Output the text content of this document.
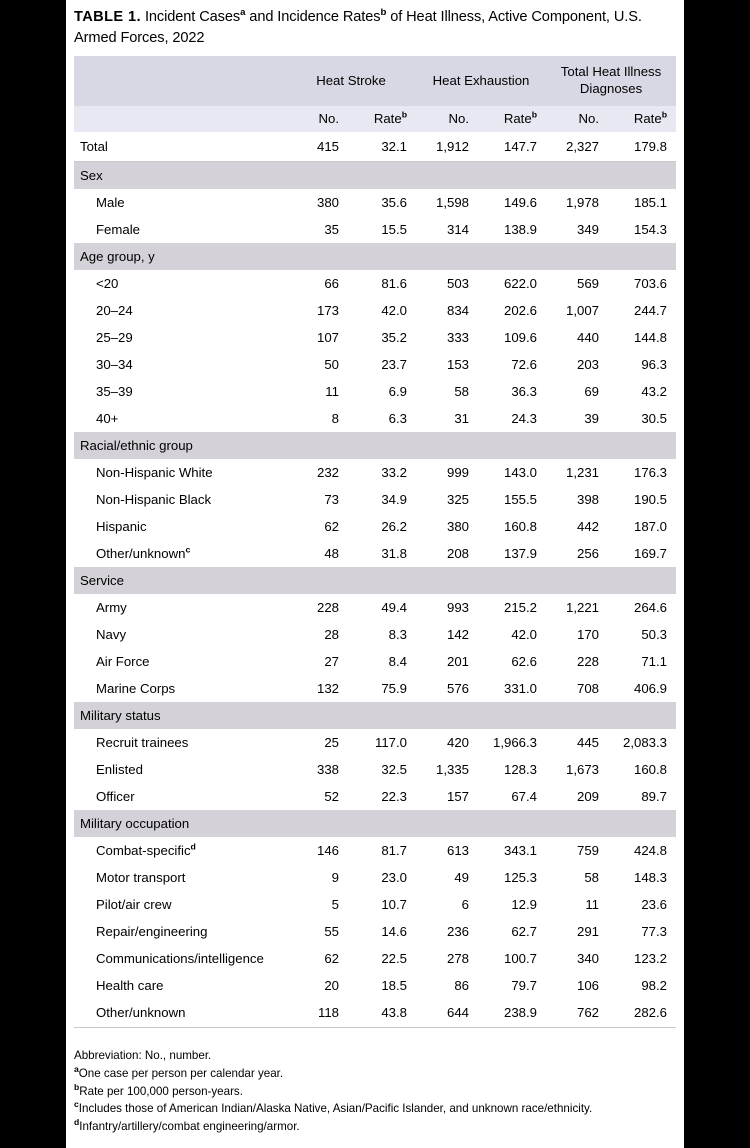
TABLE 1. Incident Cases$^a$ and Incidence Rates$^b$ of Heat Illness, Active Component, U.S. Armed Forces, 2022
	Heat Stroke		Heat Exhaustion		Total Heat Illness Diagnoses	
	No.	Rate$^b$	No.	Rate$^b$	No.	Rate$^b$
Total	415	32.1	1,912	147.7	2,327	179.8
Sex						
Male	380	35.6	1,598	149.6	1,978	185.1
Female	35	15.5	314	138.9	349	154.3
Age group, y						
<20	66	81.6	503	622.0	569	703.6
20–24	173	42.0	834	202.6	1,007	244.7
25–29	107	35.2	333	109.6	440	144.8
30–34	50	23.7	153	72.6	203	96.3
35–39	11	6.9	58	36.3	69	43.2
40+	8	6.3	31	24.3	39	30.5
Racial/ethnic group						
Non-Hispanic White	232	33.2	999	143.0	1,231	176.3
Non-Hispanic Black	73	34.9	325	155.5	398	190.5
Hispanic	62	26.2	380	160.8	442	187.0
Other/unknown$^c$	48	31.8	208	137.9	256	169.7
Service						
Army	228	49.4	993	215.2	1,221	264.6
Navy	28	8.3	142	42.0	170	50.3
Air Force	27	8.4	201	62.6	228	71.1
Marine Corps	132	75.9	576	331.0	708	406.9
Military status						
Recruit trainees	25	117.0	420	1,966.3	445	2,083.3
Enlisted	338	32.5	1,335	128.3	1,673	160.8
Officer	52	22.3	157	67.4	209	89.7
Military occupation						
Combat-specific$^d$	146	81.7	613	343.1	759	424.8
Motor transport	9	23.0	49	125.3	58	148.3
Pilot/air crew	5	10.7	6	12.9	11	23.6
Repair/engineering	55	14.6	236	62.7	291	77.3
Communications/intelligence	62	22.5	278	100.7	340	123.2
Health care	20	18.5	86	79.7	106	98.2
Other/unknown	118	43.8	644	238.9	762	282.6
Abbreviation: No., number.
$^a$One case per person per calendar year.
$^b$Rate per 100,000 person-years.
$^c$Includes those of American Indian/Alaska Native, Asian/Pacific Islander, and unknown race/ethnicity.
$^d$Infantry/artillery/combat engineering/armor.
